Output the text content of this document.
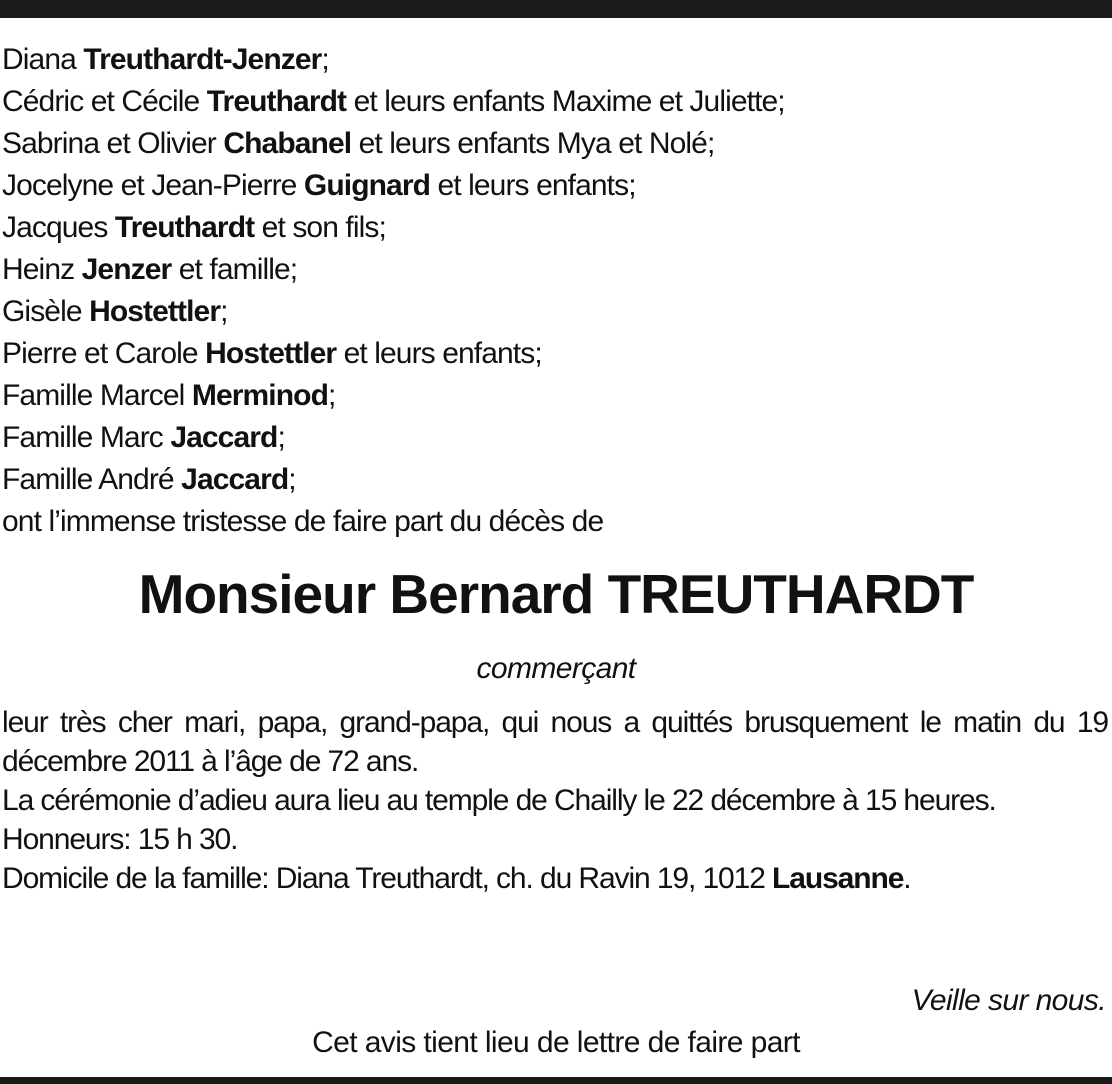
Diana Treuthardt-Jenzer;
Cédric et Cécile Treuthardt et leurs enfants Maxime et Juliette;
Sabrina et Olivier Chabanel et leurs enfants Mya et Nolé;
Jocelyne et Jean-Pierre Guignard et leurs enfants;
Jacques Treuthardt et son fils;
Heinz Jenzer et famille;
Gisèle Hostettler;
Pierre et Carole Hostettler et leurs enfants;
Famille Marcel Merminod;
Famille Marc Jaccard;
Famille André Jaccard;
ont l’immense tristesse de faire part du décès de
Monsieur Bernard TREUTHARDT
commerçant

leur très cher mari, papa, grand-papa, qui nous a quittés brusquement le matin du 19 décembre 2011 à l’âge de 72 ans.

La cérémonie d’adieu aura lieu au temple de Chailly le 22 décembre à 15 heures.

Honneurs: 15 h 30.

Domicile de la famille: Diana Treuthardt, ch. du Ravin 19, 1012 Lausanne.

Veille sur nous.
Cet avis tient lieu de lettre de faire part
